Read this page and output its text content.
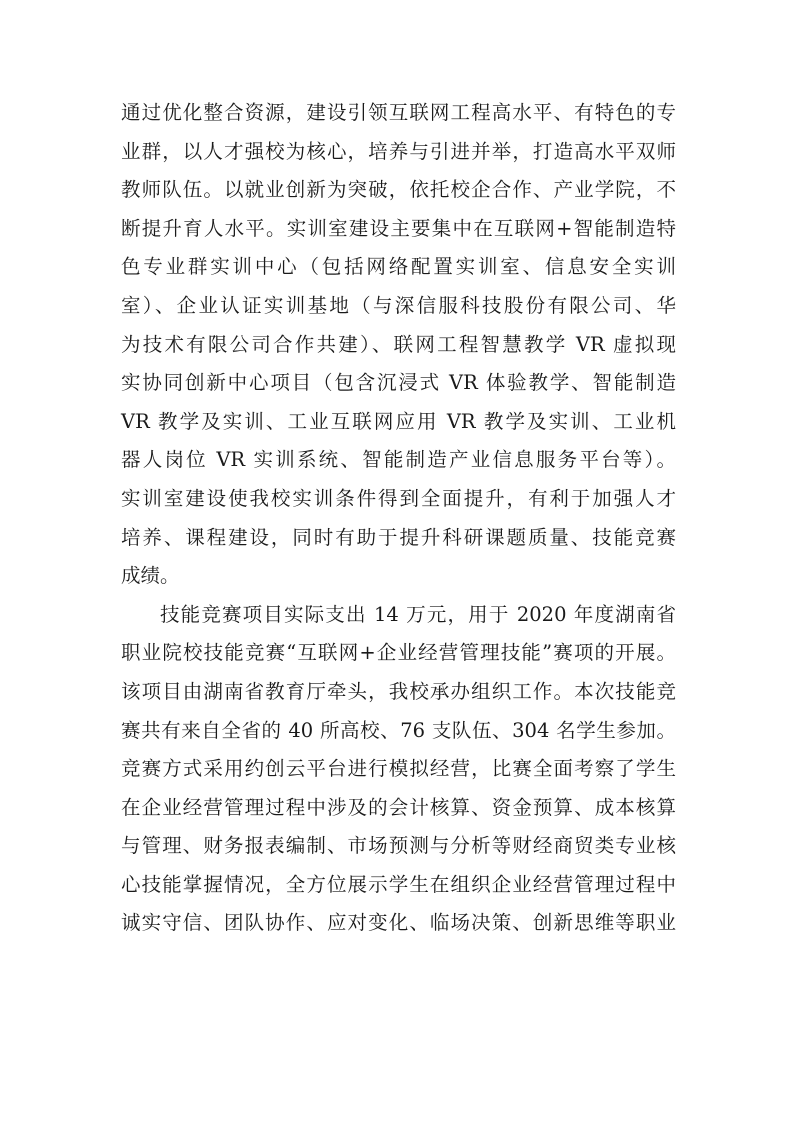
通过优化整合资源，建设引领互联网工程高水平、有特色的专
业群，以人才强校为核心，培养与引进并举，打造高水平双师
教师队伍。以就业创新为突破，依托校企合作、产业学院，不
断提升育人水平。实训室建设主要集中在互联网+智能制造特
色专业群实训中心（包括网络配置实训室、信息安全实训
室）、企业认证实训基地（与深信服科技股份有限公司、华
为技术有限公司合作共建）、联网工程智慧教学 VR 虚拟现
实协同创新中心项目（包含沉浸式 VR 体验教学、智能制造
VR 教学及实训、工业互联网应用 VR 教学及实训、工业机
器人岗位 VR 实训系统、智能制造产业信息服务平台等）。
实训室建设使我校实训条件得到全面提升，有利于加强人才
培养、课程建设，同时有助于提升科研课题质量、技能竞赛
成绩。
技能竞赛项目实际支出 14 万元，用于 2020 年度湖南省
职业院校技能竞赛“互联网+企业经营管理技能”赛项的开展。
该项目由湖南省教育厅牵头，我校承办组织工作。本次技能竞
赛共有来自全省的 40 所高校、76 支队伍、304 名学生参加。
竞赛方式采用约创云平台进行模拟经营，比赛全面考察了学生
在企业经营管理过程中涉及的会计核算、资金预算、成本核算
与管理、财务报表编制、市场预测与分析等财经商贸类专业核
心技能掌握情况，全方位展示学生在组织企业经营管理过程中
诚实守信、团队协作、应对变化、临场决策、创新思维等职业
